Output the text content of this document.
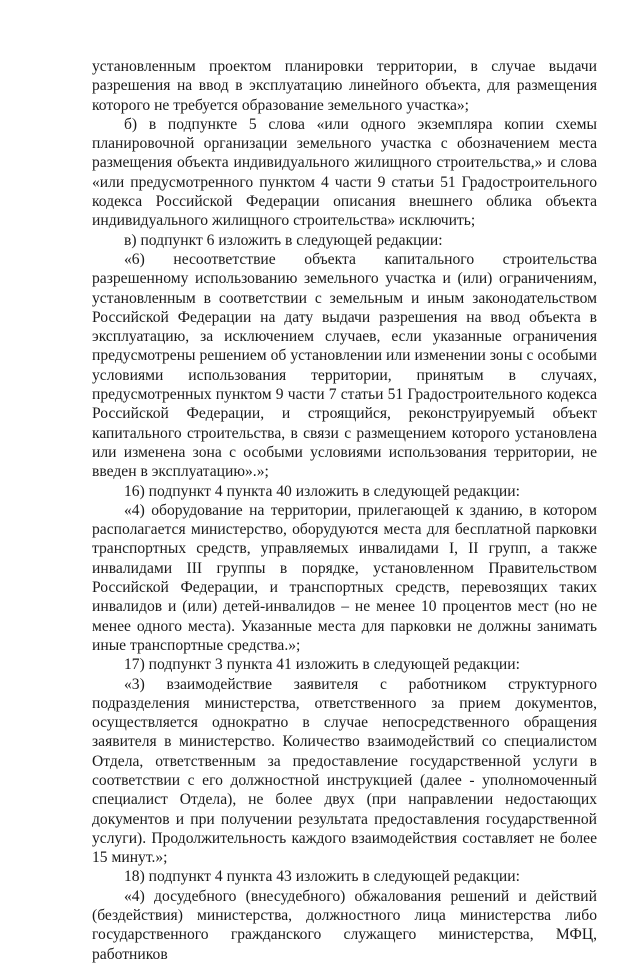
установленным проектом планировки территории, в случае выдачи разрешения на ввод в эксплуатацию линейного объекта, для размещения которого не требуется образование земельного участка»;

б) в подпункте 5 слова «или одного экземпляра копии схемы планировочной организации земельного участка с обозначением места размещения объекта индивидуального жилищного строительства,» и слова «или предусмотренного пунктом 4 части 9 статьи 51 Градостроительного кодекса Российской Федерации описания внешнего облика объекта индивидуального жилищного строительства» исключить;

в) подпункт 6 изложить в следующей редакции:

«6) несоответствие объекта капитального строительства разрешенному использованию земельного участка и (или) ограничениям, установленным в соответствии с земельным и иным законодательством Российской Федерации на дату выдачи разрешения на ввод объекта в эксплуатацию, за исключением случаев, если указанные ограничения предусмотрены решением об установлении или изменении зоны с особыми условиями использования территории, принятым в случаях, предусмотренных пунктом 9 части 7 статьи 51 Градостроительного кодекса Российской Федерации, и строящийся, реконструируемый объект капитального строительства, в связи с размещением которого установлена или изменена зона с особыми условиями использования территории, не введен в эксплуатацию».»;

16) подпункт 4 пункта 40 изложить в следующей редакции:

«4) оборудование на территории, прилегающей к зданию, в котором располагается министерство, оборудуются места для бесплатной парковки транспортных средств, управляемых инвалидами I, II групп, а также инвалидами III группы в порядке, установленном Правительством Российской Федерации, и транспортных средств, перевозящих таких инвалидов и (или) детей-инвалидов – не менее 10 процентов мест (но не менее одного места). Указанные места для парковки не должны занимать иные транспортные средства.»;

17) подпункт 3 пункта 41 изложить в следующей редакции:

«3) взаимодействие заявителя с работником структурного подразделения министерства, ответственного за прием документов, осуществляется однократно в случае непосредственного обращения заявителя в министерство. Количество взаимодействий со специалистом Отдела, ответственным за предоставление государственной услуги в соответствии с его должностной инструкцией (далее - уполномоченный специалист Отдела), не более двух (при направлении недостающих документов и при получении результата предоставления государственной услуги). Продолжительность каждого взаимодействия составляет не более 15 минут.»;

18) подпункт 4 пункта 43 изложить в следующей редакции:

«4) досудебного (внесудебного) обжалования решений и действий (бездействия) министерства, должностного лица министерства либо государственного гражданского служащего министерства, МФЦ, работников
